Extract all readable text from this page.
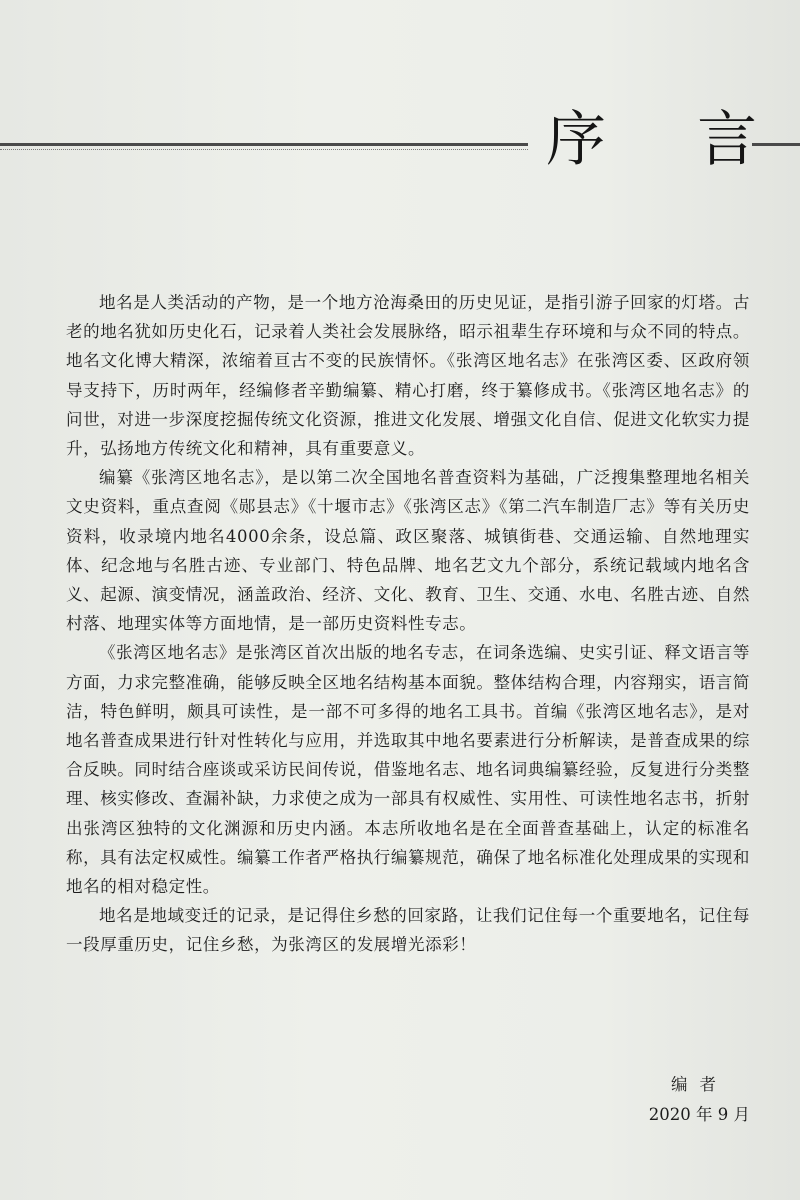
序 言

地名是人类活动的产物，是一个地方沧海桑田的历史见证，是指引游子回家的灯塔。古老的地名犹如历史化石，记录着人类社会发展脉络，昭示祖辈生存环境和与众不同的特点。地名文化博大精深，浓缩着亘古不变的民族情怀。《张湾区地名志》在张湾区委、区政府领导支持下，历时两年，经编修者辛勤编纂、精心打磨，终于纂修成书。《张湾区地名志》的问世，对进一步深度挖掘传统文化资源，推进文化发展、增强文化自信、促进文化软实力提升，弘扬地方传统文化和精神，具有重要意义。

编纂《张湾区地名志》，是以第二次全国地名普查资料为基础，广泛搜集整理地名相关文史资料，重点查阅《郧县志》《十堰市志》《张湾区志》《第二汽车制造厂志》等有关历史资料，收录境内地名4000余条，设总篇、政区聚落、城镇街巷、交通运输、自然地理实体、纪念地与名胜古迹、专业部门、特色品牌、地名艺文九个部分，系统记载域内地名含义、起源、演变情况，涵盖政治、经济、文化、教育、卫生、交通、水电、名胜古迹、自然村落、地理实体等方面地情，是一部历史资料性专志。

《张湾区地名志》是张湾区首次出版的地名专志，在词条选编、史实引证、释文语言等方面，力求完整准确，能够反映全区地名结构基本面貌。整体结构合理，内容翔实，语言简洁，特色鲜明，颇具可读性，是一部不可多得的地名工具书。首编《张湾区地名志》，是对地名普查成果进行针对性转化与应用，并选取其中地名要素进行分析解读，是普查成果的综合反映。同时结合座谈或采访民间传说，借鉴地名志、地名词典编纂经验，反复进行分类整理、核实修改、查漏补缺，力求使之成为一部具有权威性、实用性、可读性地名志书，折射出张湾区独特的文化渊源和历史内涵。本志所收地名是在全面普查基础上，认定的标准名称，具有法定权威性。编纂工作者严格执行编纂规范，确保了地名标准化处理成果的实现和地名的相对稳定性。

地名是地域变迁的记录，是记得住乡愁的回家路，让我们记住每一个重要地名，记住每一段厚重历史，记住乡愁，为张湾区的发展增光添彩！

编者
2020 年 9 月
